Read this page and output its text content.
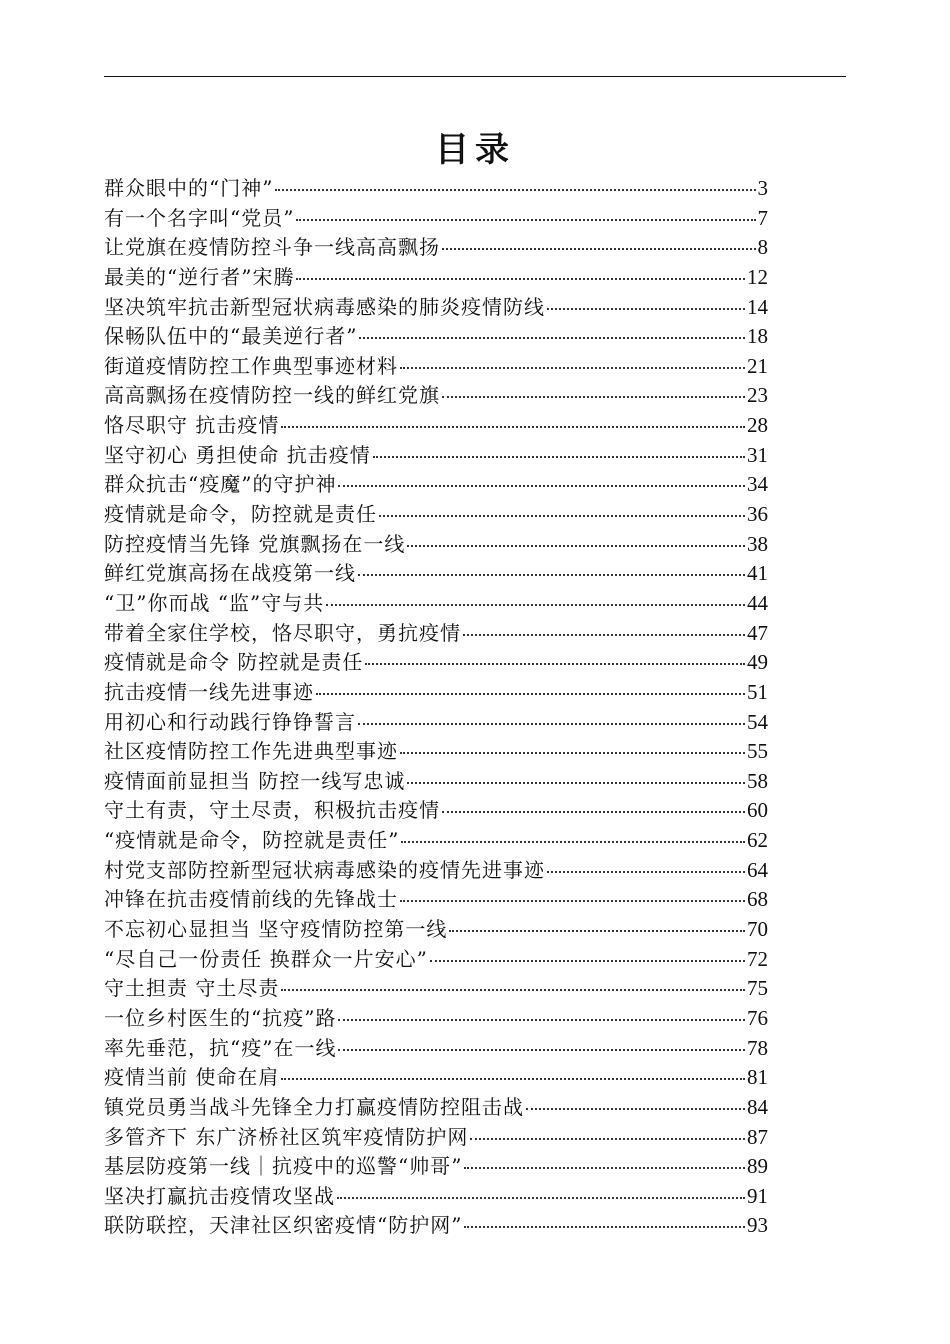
目录
群众眼中的“门神”	3
有一个名字叫“党员”	7
让党旗在疫情防控斗争一线高高飘扬	8
最美的“逆行者”宋腾	12
坚决筑牢抗击新型冠状病毒感染的肺炎疫情防线	14
保畅队伍中的“最美逆行者”	18
街道疫情防控工作典型事迹材料	21
高高飘扬在疫情防控一线的鲜红党旗	23
恪尽职守 抗击疫情	28
坚守初心 勇担使命 抗击疫情	31
群众抗击“疫魔”的守护神	34
疫情就是命令，防控就是责任	36
防控疫情当先锋 党旗飘扬在一线	38
鲜红党旗高扬在战疫第一线	41
“卫”你而战 “监”守与共	44
带着全家住学校，恪尽职守，勇抗疫情	47
疫情就是命令 防控就是责任	49
抗击疫情一线先进事迹	51
用初心和行动践行铮铮誓言	54
社区疫情防控工作先进典型事迹	55
疫情面前显担当 防控一线写忠诚	58
守土有责，守土尽责，积极抗击疫情	60
“疫情就是命令，防控就是责任”	62
村党支部防控新型冠状病毒感染的疫情先进事迹	64
冲锋在抗击疫情前线的先锋战士	68
不忘初心显担当 坚守疫情防控第一线	70
“尽自己一份责任 换群众一片安心”	72
守土担责 守土尽责	75
一位乡村医生的“抗疫”路	76
率先垂范，抗“疫”在一线	78
疫情当前 使命在肩	81
镇党员勇当战斗先锋全力打赢疫情防控阻击战	84
多管齐下 东广济桥社区筑牢疫情防护网	87
基层防疫第一线｜抗疫中的巡警“帅哥”	89
坚决打赢抗击疫情攻坚战	91
联防联控，天津社区织密疫情“防护网”	93
